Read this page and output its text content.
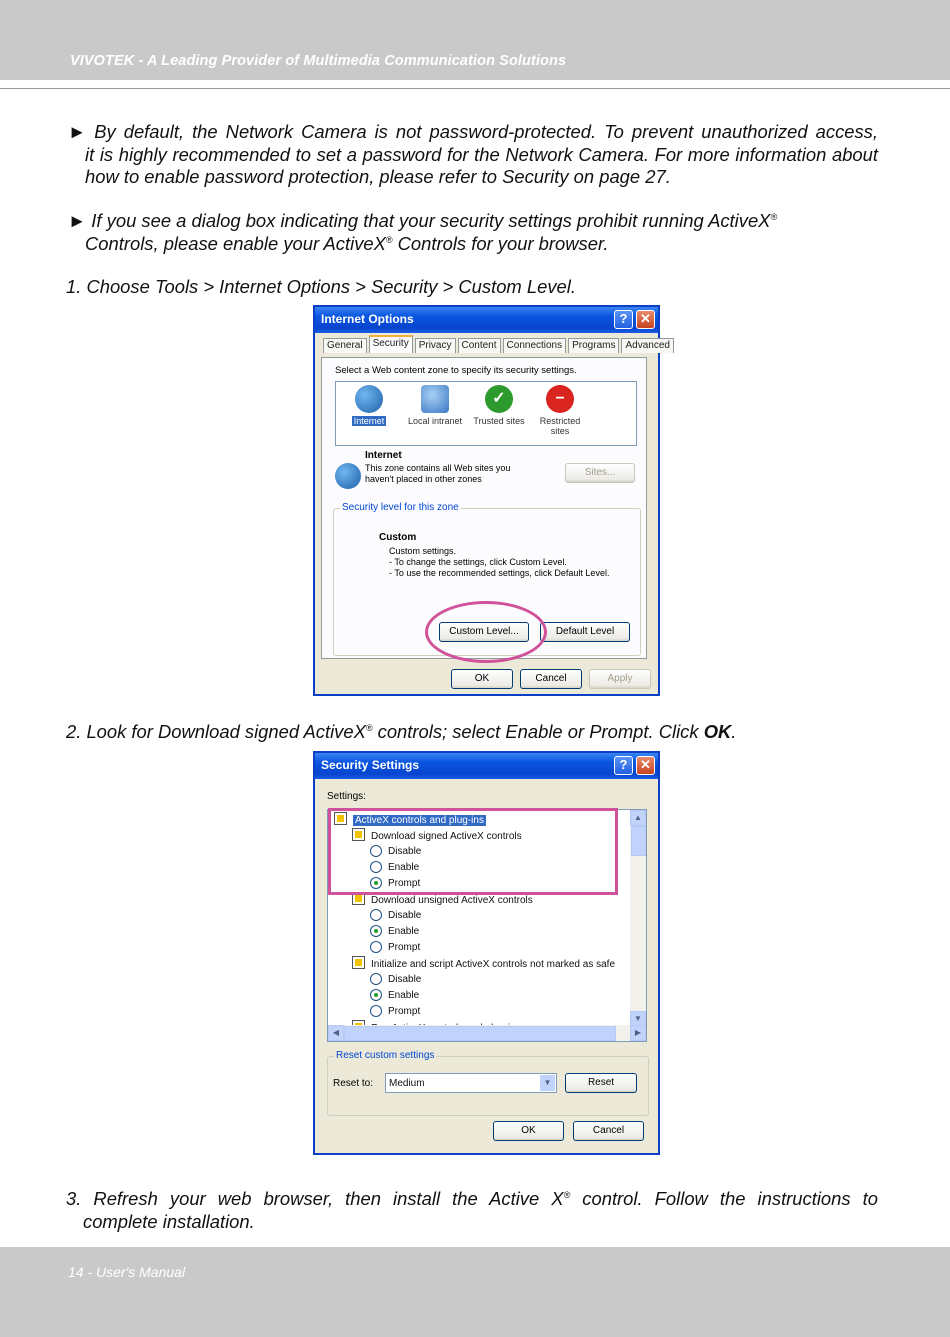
VIVOTEK - A Leading Provider of Multimedia Communication Solutions
► By default, the Network Camera is not password-protected. To prevent unauthorized access,
it is highly recommended to set a password for the Network Camera. For more information about how to enable password protection, please refer to Security on page 27.
► If you see a dialog box indicating that your security settings prohibit running ActiveX®
Controls, please enable your ActiveX® Controls for your browser.
1. Choose Tools > Internet Options > Security > Custom Level.
Internet Options	? ✕
General	Security	Privacy	Content	Connections	Programs	Advanced
Select a Web content zone to specify its security settings.
Internet	Local intranet
✓
Trusted sites
−
Restricted sites
Internet
This zone contains all Web sites you
haven't placed in other zones
Sites...
Security level for this zone
Custom
Custom settings.
- To change the settings, click Custom Level.
- To use the recommended settings, click Default Level.
Custom Level...	Default Level
OK	Cancel	Apply
2. Look for Download signed ActiveX® controls; select Enable or Prompt. Click OK.
Security Settings	? ✕
Settings:
ActiveX controls and plug-ins
Download signed ActiveX controls
Disable
Enable
Prompt
Download unsigned ActiveX controls
Disable
Enable
Prompt
Initialize and script ActiveX controls not marked as safe
Disable
Enable
Prompt
▲
▼
◀	▶
Reset custom settings
Reset to:	Medium	▼	Reset
OK	Cancel
3. Refresh your web browser, then install the Active X® control. Follow the instructions to
complete installation.
14 - User's Manual
